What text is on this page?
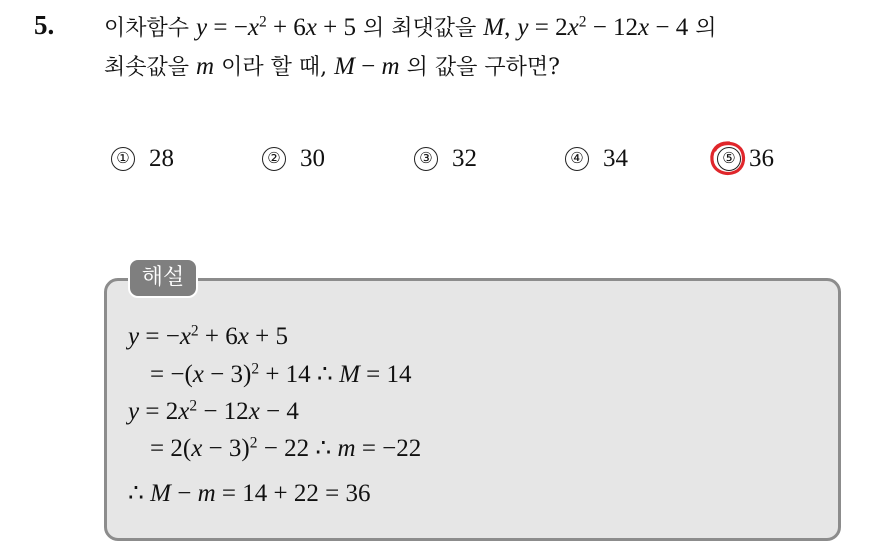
5. 이차함수 $y = -x^2 + 6x + 5$ 의 최댓값을 M, $y = 2x^2 - 12x - 4$ 의
최솟값을 m 이라 할 때, M − m 의 값을 구하면?
① 28	② 30	③ 32	④ 34	⑤ 36
해설
$y = -x^2 + 6x + 5$
= $-(x - 3)^2 + 14$ ∴ M = 14
$y = 2x^2 - 12x - 4$
= $2(x - 3)^2 - 22$ ∴ m = −22
∴ M − m = 14 + 22 = 36
